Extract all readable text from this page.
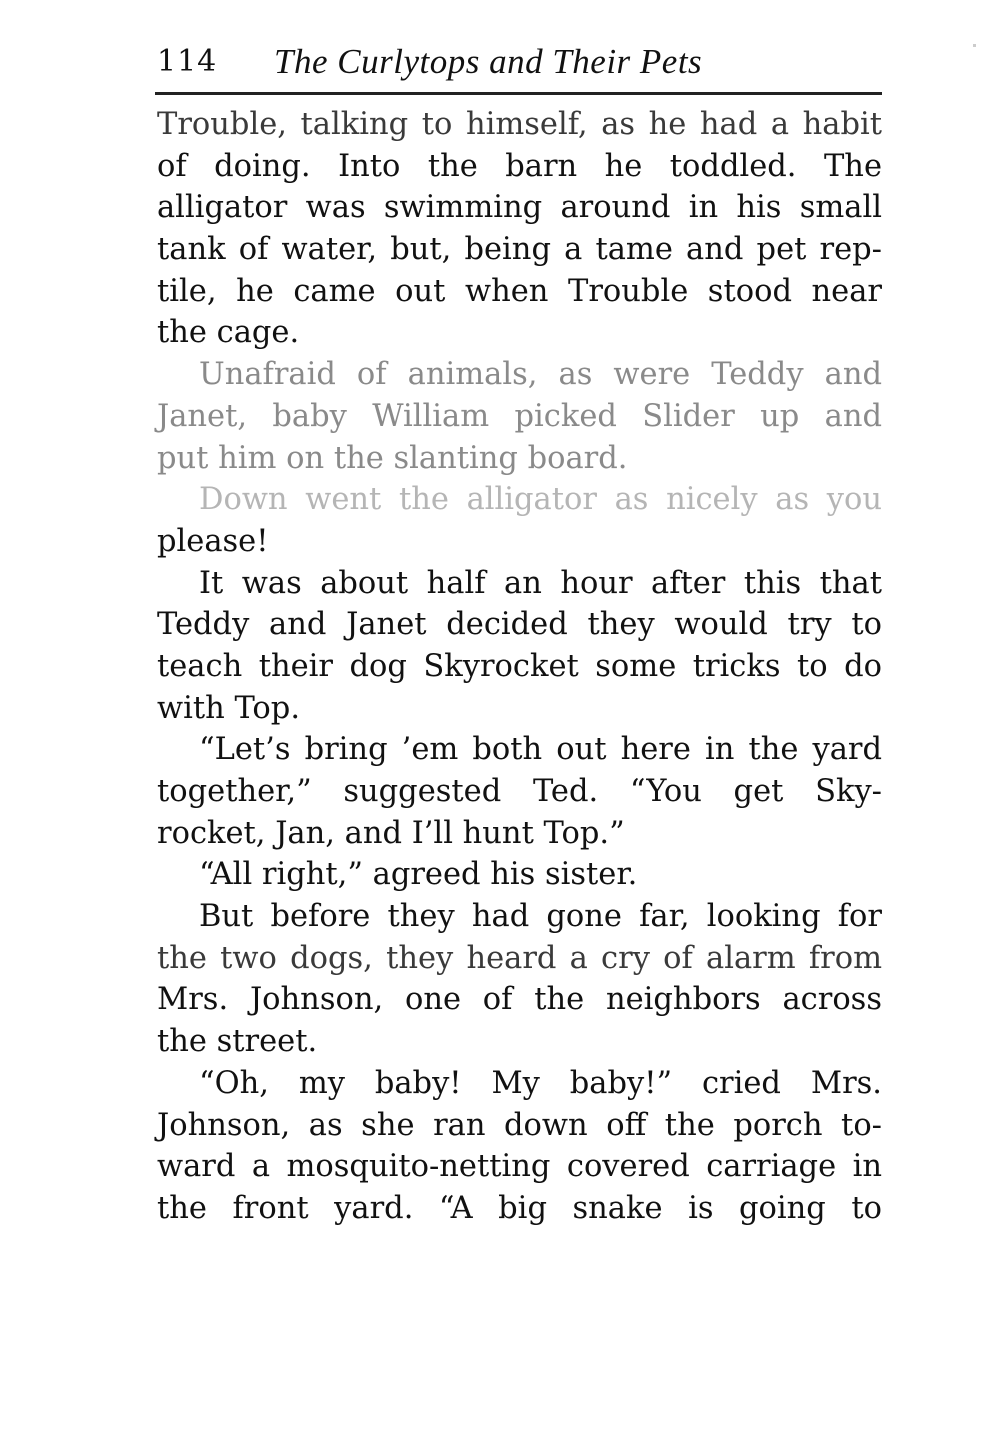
114 The Curlytops and Their Pets
Trouble, talking to himself, as he had a habit
of doing. Into the barn he toddled. The
alligator was swimming around in his small
tank of water, but, being a tame and pet rep-
tile, he came out when Trouble stood near
the cage.
Unafraid of animals, as were Teddy and
Janet, baby William picked Slider up and
put him on the slanting board.
Down went the alligator as nicely as you
please!
It was about half an hour after this that
Teddy and Janet decided they would try to
teach their dog Skyrocket some tricks to do
with Top.
“Let’s bring ’em both out here in the yard
together,” suggested Ted. “You get Sky-
rocket, Jan, and I’ll hunt Top.”
“All right,” agreed his sister.
But before they had gone far, looking for
the two dogs, they heard a cry of alarm from
Mrs. Johnson, one of the neighbors across
the street.
“Oh, my baby! My baby!” cried Mrs.
Johnson, as she ran down off the porch to-
ward a mosquito-netting covered carriage in
the front yard. “A big snake is going to
